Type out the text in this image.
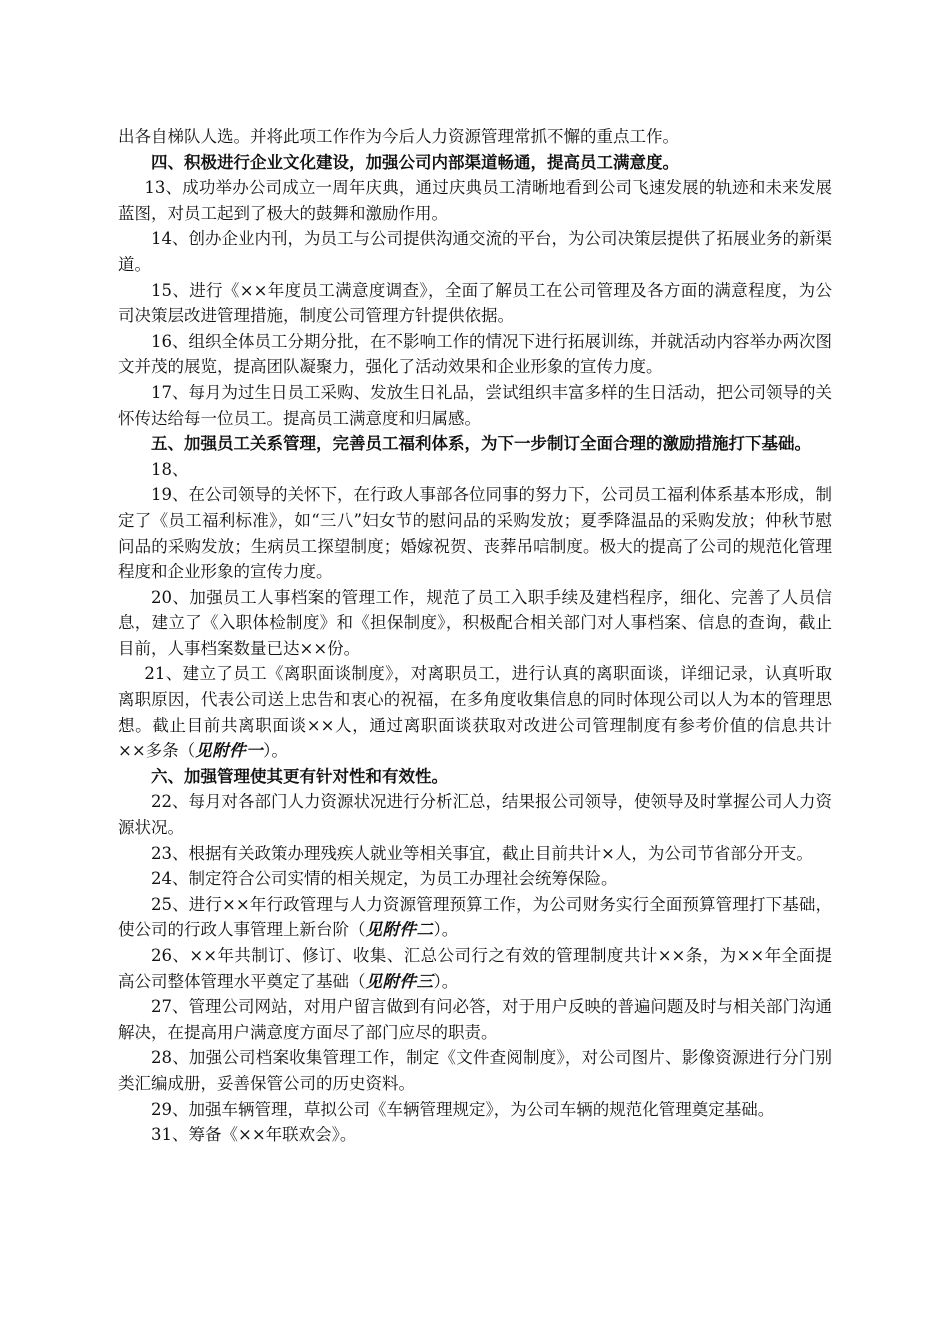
出各自梯队人选。并将此项工作作为今后人力资源管理常抓不懈的重点工作。

四、积极进行企业文化建设，加强公司内部渠道畅通，提高员工满意度。

13、成功举办公司成立一周年庆典，通过庆典员工清晰地看到公司飞速发展的轨迹和未来发展蓝图，对员工起到了极大的鼓舞和激励作用。

14、创办企业内刊，为员工与公司提供沟通交流的平台，为公司决策层提供了拓展业务的新渠道。

15、进行《××年度员工满意度调查》，全面了解员工在公司管理及各方面的满意程度，为公司决策层改进管理措施，制度公司管理方针提供依据。

16、组织全体员工分期分批，在不影响工作的情况下进行拓展训练，并就活动内容举办两次图文并茂的展览，提高团队凝聚力，强化了活动效果和企业形象的宣传力度。

17、每月为过生日员工采购、发放生日礼品，尝试组织丰富多样的生日活动，把公司领导的关怀传达给每一位员工。提高员工满意度和归属感。

五、加强员工关系管理，完善员工福利体系，为下一步制订全面合理的激励措施打下基础。

18、

19、在公司领导的关怀下，在行政人事部各位同事的努力下，公司员工福利体系基本形成，制定了《员工福利标准》，如“三八”妇女节的慰问品的采购发放；夏季降温品的采购发放；仲秋节慰问品的采购发放；生病员工探望制度；婚嫁祝贺、丧葬吊唁制度。极大的提高了公司的规范化管理程度和企业形象的宣传力度。

20、加强员工人事档案的管理工作，规范了员工入职手续及建档程序，细化、完善了人员信息，建立了《入职体检制度》和《担保制度》，积极配合相关部门对人事档案、信息的查询，截止目前，人事档案数量已达××份。

21、建立了员工《离职面谈制度》，对离职员工，进行认真的离职面谈，详细记录，认真听取离职原因，代表公司送上忠告和衷心的祝福，在多角度收集信息的同时体现公司以人为本的管理思想。截止目前共离职面谈××人，通过离职面谈获取对改进公司管理制度有参考价值的信息共计××多条（见附件一）。

六、加强管理使其更有针对性和有效性。

22、每月对各部门人力资源状况进行分析汇总，结果报公司领导，使领导及时掌握公司人力资源状况。

23、根据有关政策办理残疾人就业等相关事宜，截止目前共计×人，为公司节省部分开支。

24、制定符合公司实情的相关规定，为员工办理社会统筹保险。

25、进行××年行政管理与人力资源管理预算工作，为公司财务实行全面预算管理打下基础，使公司的行政人事管理上新台阶（见附件二）。

26、××年共制订、修订、收集、汇总公司行之有效的管理制度共计××条，为××年全面提高公司整体管理水平奠定了基础（见附件三）。

27、管理公司网站，对用户留言做到有问必答，对于用户反映的普遍问题及时与相关部门沟通解决，在提高用户满意度方面尽了部门应尽的职责。

28、加强公司档案收集管理工作，制定《文件查阅制度》，对公司图片、影像资源进行分门别类汇编成册，妥善保管公司的历史资料。

29、加强车辆管理，草拟公司《车辆管理规定》，为公司车辆的规范化管理奠定基础。

31、筹备《××年联欢会》。
